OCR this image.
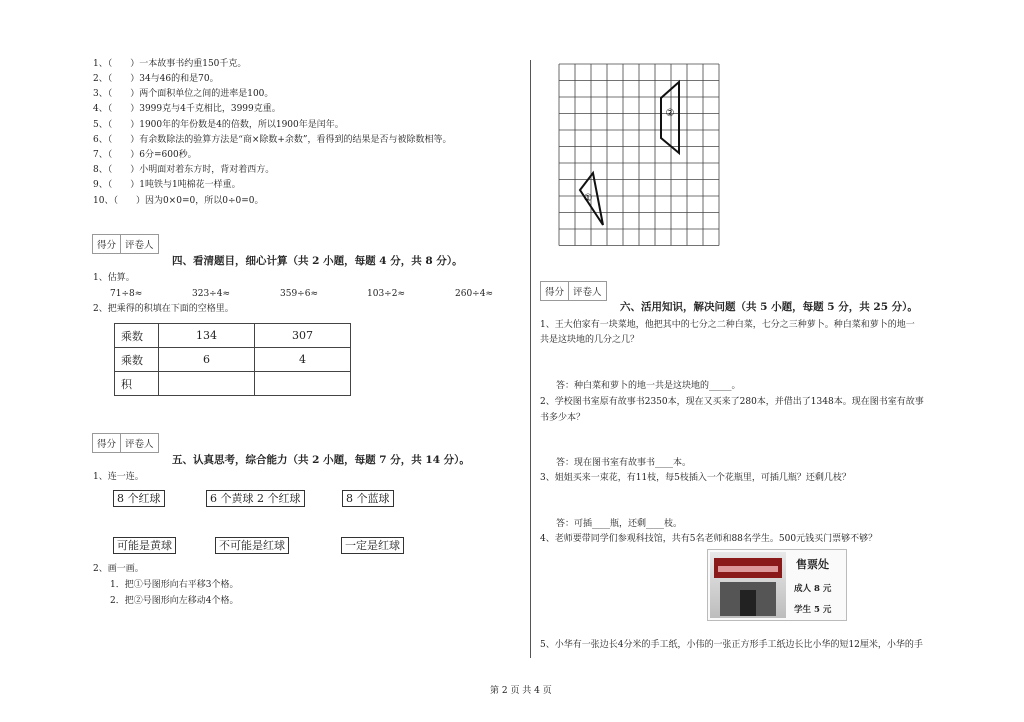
1、（　　）一本故事书约重150千克。
2、（　　）34与46的和是70。
3、（　　）两个面积单位之间的进率是100。
4、（　　）3999克与4千克相比，3999克重。
5、（　　）1900年的年份数是4的倍数，所以1900年是闰年。
6、（　　）有余数除法的验算方法是“商×除数+余数”，看得到的结果是否与被除数相等。
7、（　　）6分=600秒。
8、（　　）小明面对着东方时，背对着西方。
9、（　　）1吨铁与1吨棉花一样重。
10、（　　）因为0×0=0，所以0÷0=0。
得分 评卷人
四、看清题目，细心计算（共 2 小题，每题 4 分，共 8 分）。
1、估算。
71÷8≈	323÷4≈	359÷6≈	103÷2≈	260÷4≈
2、把乘得的积填在下面的空格里。
乘数	134	307
乘数	6	4
积		
得分 评卷人
五、认真思考，综合能力（共 2 小题，每题 7 分，共 14 分）。
1、连一连。
8 个红球	6 个黄球 2 个红球	8 个蓝球
可能是黄球	不可能是红球	一定是红球
2、画一画。
1．把①号图形向右平移3个格。
2．把②号图形向左移动4个格。
①
②
得分 评卷人
六、活用知识，解决问题（共 5 小题，每题 5 分，共 25 分）。
1、王大伯家有一块菜地，他把其中的七分之二种白菜，七分之三种萝卜。种白菜和萝卜的地一
共是这块地的几分之几？
答：种白菜和萝卜的地一共是这块地的_____。
2、学校图书室原有故事书2350本，现在又买来了280本，并借出了1348本。现在图书室有故事
书多少本？
答：现在图书室有故事书____本。
3、姐姐买来一束花，有11枝，每5枝插入一个花瓶里，可插几瓶？还剩几枝？
答：可插____瓶，还剩____枝。
4、老师要带同学们参观科技馆，共有5名老师和88名学生。500元钱买门票够不够？
售票处
成人 8 元
学生 5 元
5、小华有一张边长4分米的手工纸，小伟的一张正方形手工纸边长比小华的短12厘米，小华的手
第 2 页 共 4 页
